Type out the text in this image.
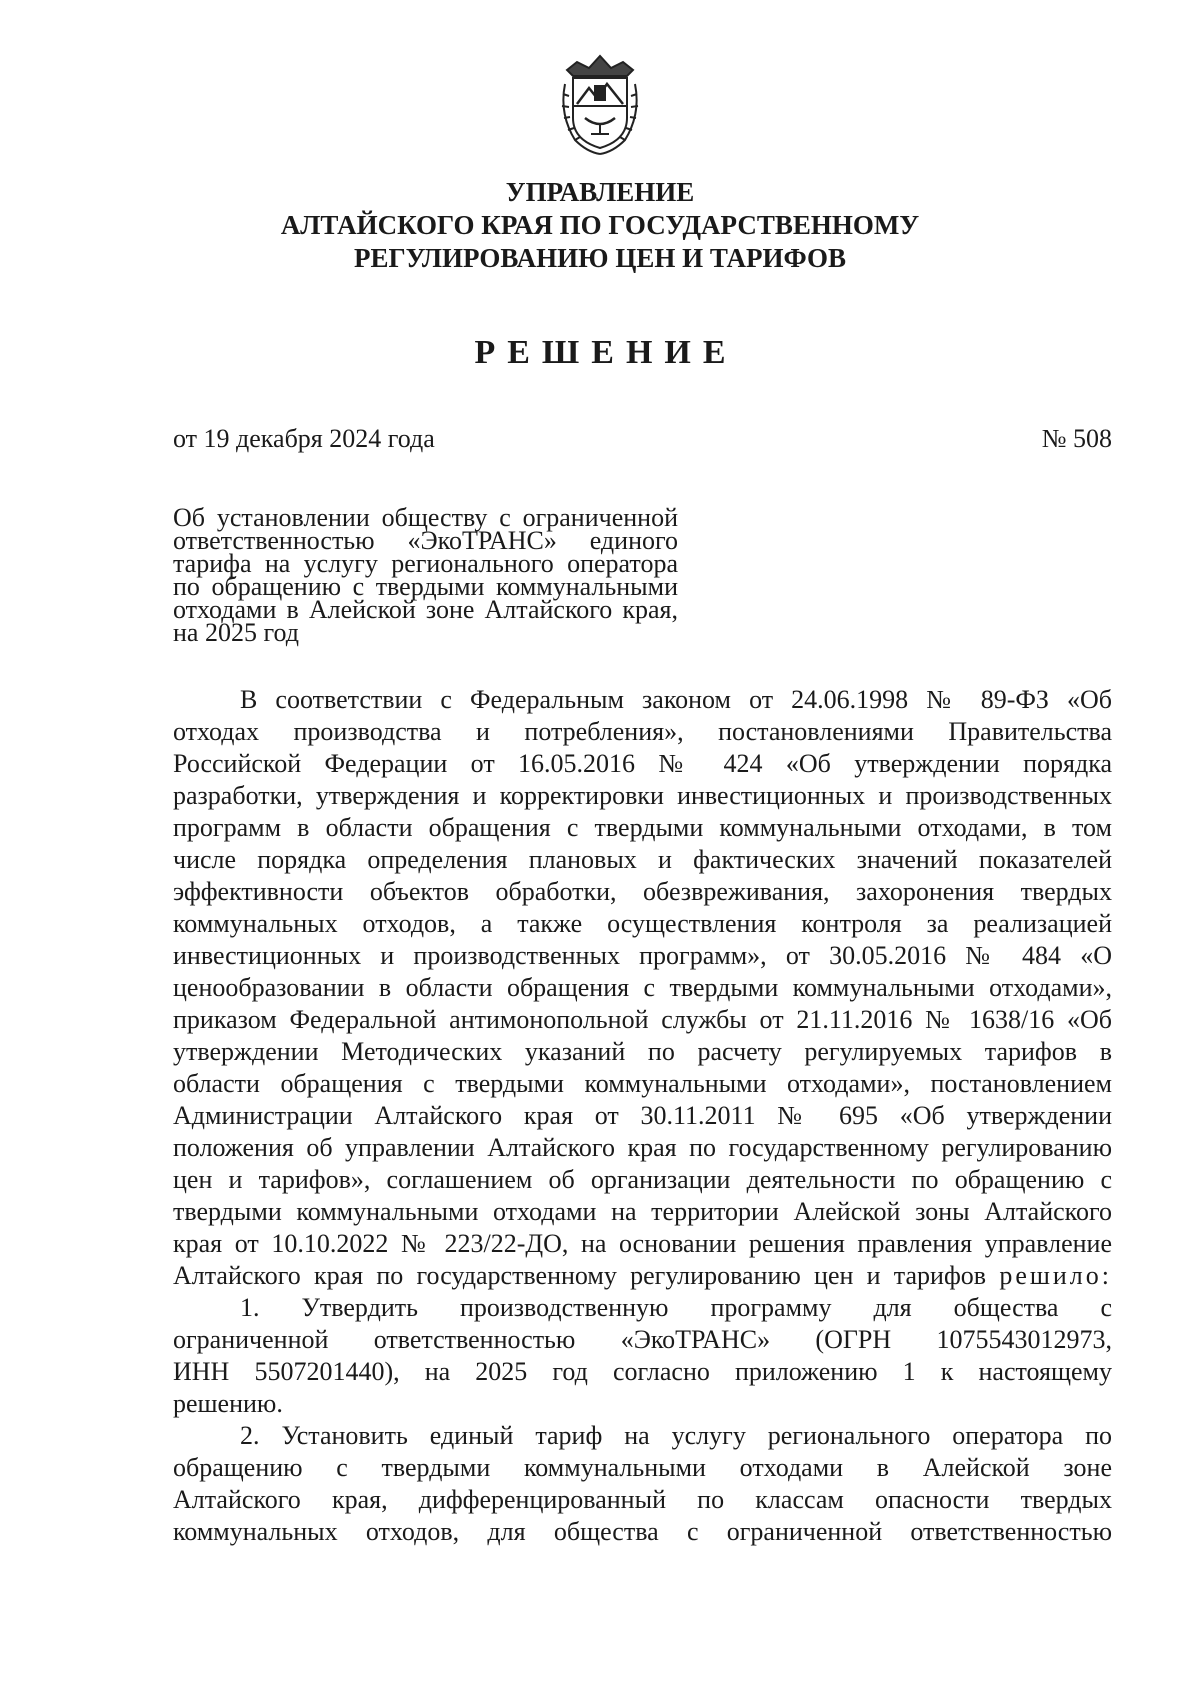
УПРАВЛЕНИЕ
АЛТАЙСКОГО КРАЯ ПО ГОСУДАРСТВЕННОМУ
РЕГУЛИРОВАНИЮ ЦЕН И ТАРИФОВ
РЕШЕНИЕ
от 19 декабря 2024 года	№ 508
Об установлении обществу с ограниченной
ответственностью «ЭкоТРАНС» единого
тарифа на услугу регионального оператора
по обращению с твердыми коммунальными
отходами в Алейской зоне Алтайского края,
на 2025 год
В соответствии с Федеральным законом от 24.06.1998 № 89-ФЗ «Об
отходах производства и потребления», постановлениями Правительства
Российской Федерации от 16.05.2016 № 424 «Об утверждении порядка
разработки, утверждения и корректировки инвестиционных и производственных
программ в области обращения с твердыми коммунальными отходами, в том
числе порядка определения плановых и фактических значений показателей
эффективности объектов обработки, обезвреживания, захоронения твердых
коммунальных отходов, а также осуществления контроля за реализацией
инвестиционных и производственных программ», от 30.05.2016 № 484 «О
ценообразовании в области обращения с твердыми коммунальными отходами»,
приказом Федеральной антимонопольной службы от 21.11.2016 № 1638/16 «Об
утверждении Методических указаний по расчету регулируемых тарифов в
области обращения с твердыми коммунальными отходами», постановлением
Администрации Алтайского края от 30.11.2011 № 695 «Об утверждении
положения об управлении Алтайского края по государственному регулированию
цен и тарифов», соглашением об организации деятельности по обращению с
твердыми коммунальными отходами на территории Алейской зоны Алтайского
края от 10.10.2022 № 223/22-ДО, на основании решения правления управление
Алтайского края по государственному регулированию цен и тарифов решило:
1. Утвердить производственную программу для общества с
ограниченной ответственностью «ЭкоТРАНС» (ОГРН 1075543012973,
ИНН 5507201440), на 2025 год согласно приложению 1 к настоящему
решению.
2. Установить единый тариф на услугу регионального оператора по
обращению с твердыми коммунальными отходами в Алейской зоне
Алтайского края, дифференцированный по классам опасности твердых
коммунальных отходов, для общества с ограниченной ответственностью
